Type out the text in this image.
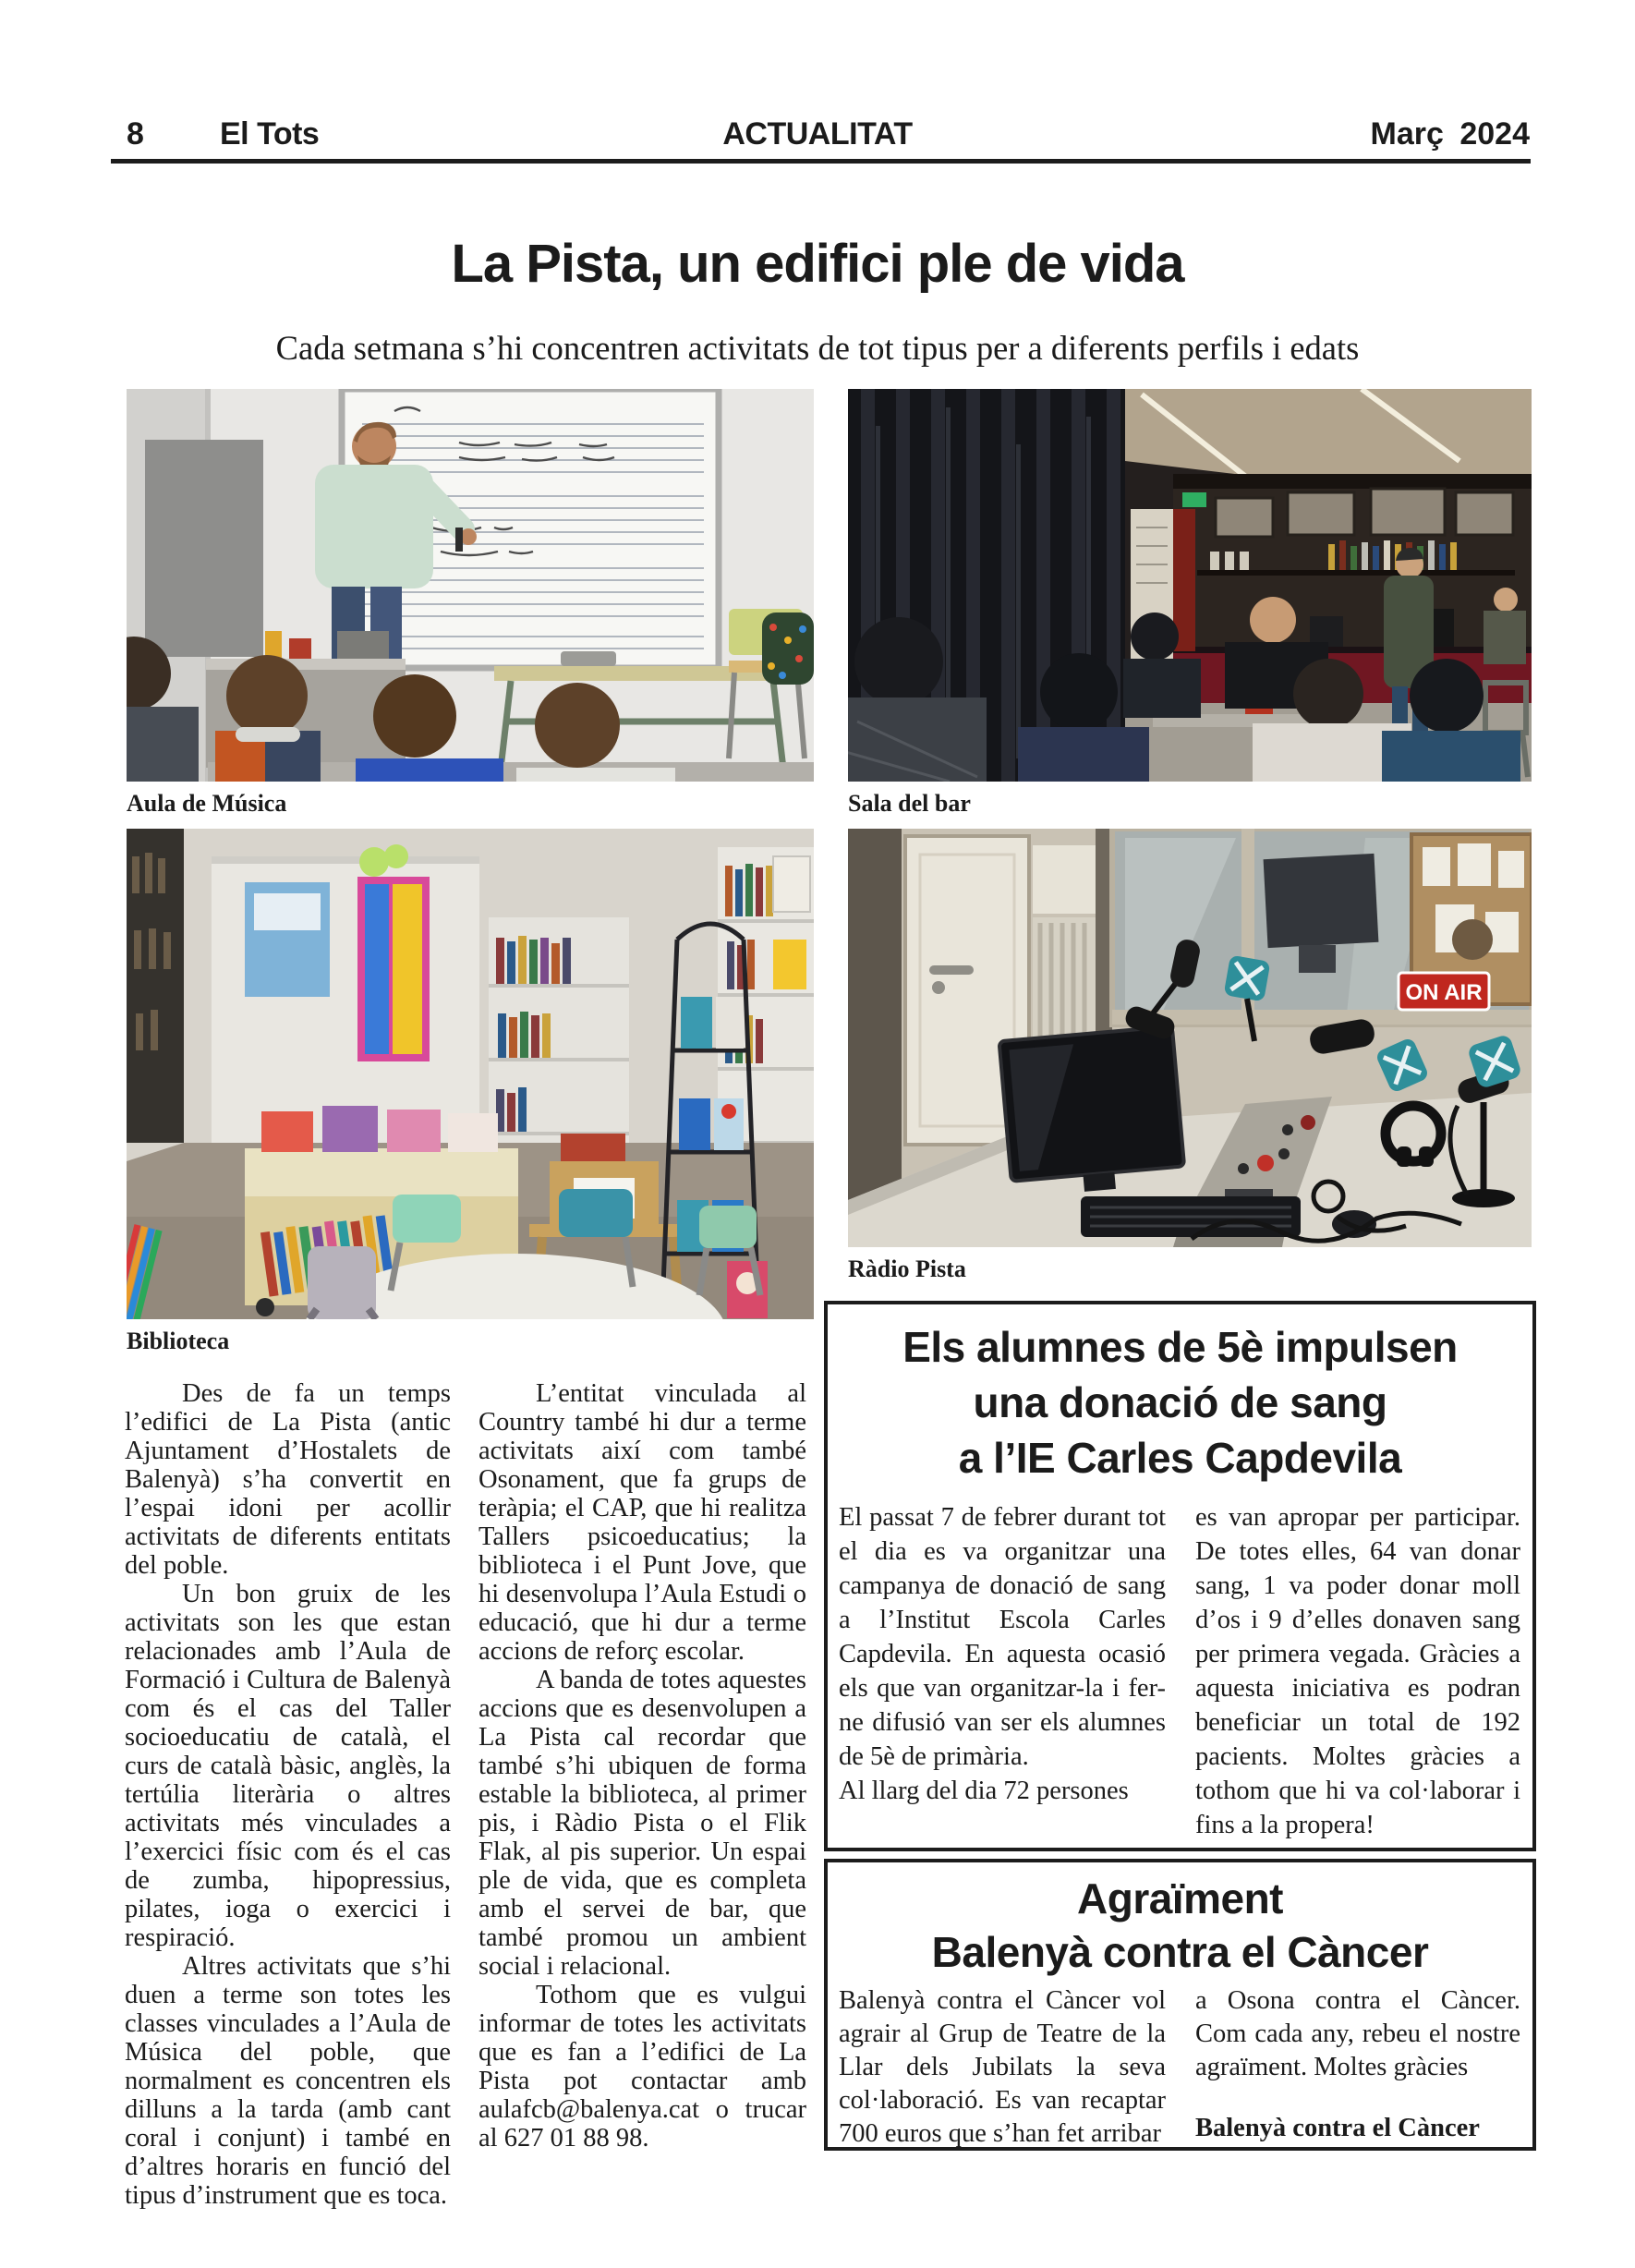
8 El Tots	ACTUALITAT	Març 2024
La Pista, un edifici ple de vida
Cada setmana s’hi concentren activitats de tot tipus per a diferents perfils i edats
Aula de Música	Sala del bar
Biblioteca
ON AIR
Ràdio Pista

Des de fa un temps l’edifici de La Pista (antic Ajuntament d’Hostalets de Balenyà) s’ha convertit en l’espai idoni per acollir activitats de diferents entitats del poble.

Un bon gruix de les activitats son les que estan relacionades amb l’Aula de Formació i Cultura de Balenyà com és el cas del Taller socioeducatiu de català, el curs de català bàsic, anglès, la tertúlia literària o altres activitats més vinculades a l’exercici físic com és el cas de zumba, hipopressius, pilates, ioga o exercici i respiració.

Altres activitats que s’hi duen a terme son totes les classes vinculades a l’Aula de Música del poble, que normalment es concentren els dilluns a la tarda (amb cant coral i conjunt) i també en d’altres horaris en funció del tipus d’instrument que es toca.

L’entitat vinculada al Country també hi dur a terme activitats així com també Osonament, que fa grups de teràpia; el CAP, que hi realitza Tallers psicoeducatius; la biblioteca i el Punt Jove, que hi desenvolupa l’Aula Estudi o educació, que hi dur a terme accions de reforç escolar.

A banda de totes aquestes accions que es desenvolupen a La Pista cal recordar que també s’hi ubiquen de forma estable la biblioteca, al primer pis, i Ràdio Pista o el Flik Flak, al pis superior. Un espai ple de vida, que es completa amb el servei de bar, que també promou un ambient social i relacional.

Tothom que es vulgui informar de totes les activitats que es fan a l’edifici de La Pista pot contactar amb aulafcb@balenya.cat o trucar al 627 01 88 98.

Els alumnes de 5è impulsen
una donació de sang
a l’IE Carles Capdevila

El passat 7 de febrer durant tot el dia es va organitzar una campanya de donació de sang a l’Institut Escola Carles Capdevila. En aquesta ocasió els que van organitzar-la i fer-ne difusió van ser els alumnes de 5è de primària.

Al llarg del dia 72 persones

es van apropar per participar. De totes elles, 64 van donar sang, 1 va poder donar moll d’os i 9 d’elles donaven sang per primera vegada. Gràcies a aquesta iniciativa es podran beneficiar un total de 192 pacients. Moltes gràcies a tothom que hi va col·laborar i fins a la propera!

Agraïment
Balenyà contra el Càncer

Balenyà contra el Càncer vol agrair al Grup de Teatre de la Llar dels Jubilats la seva col·laboració. Es van recaptar 700 euros que s’han fet arribar

a Osona contra el Càncer. Com cada any, rebeu el nostre agraïment. Moltes gràcies

Balenyà contra el Càncer
